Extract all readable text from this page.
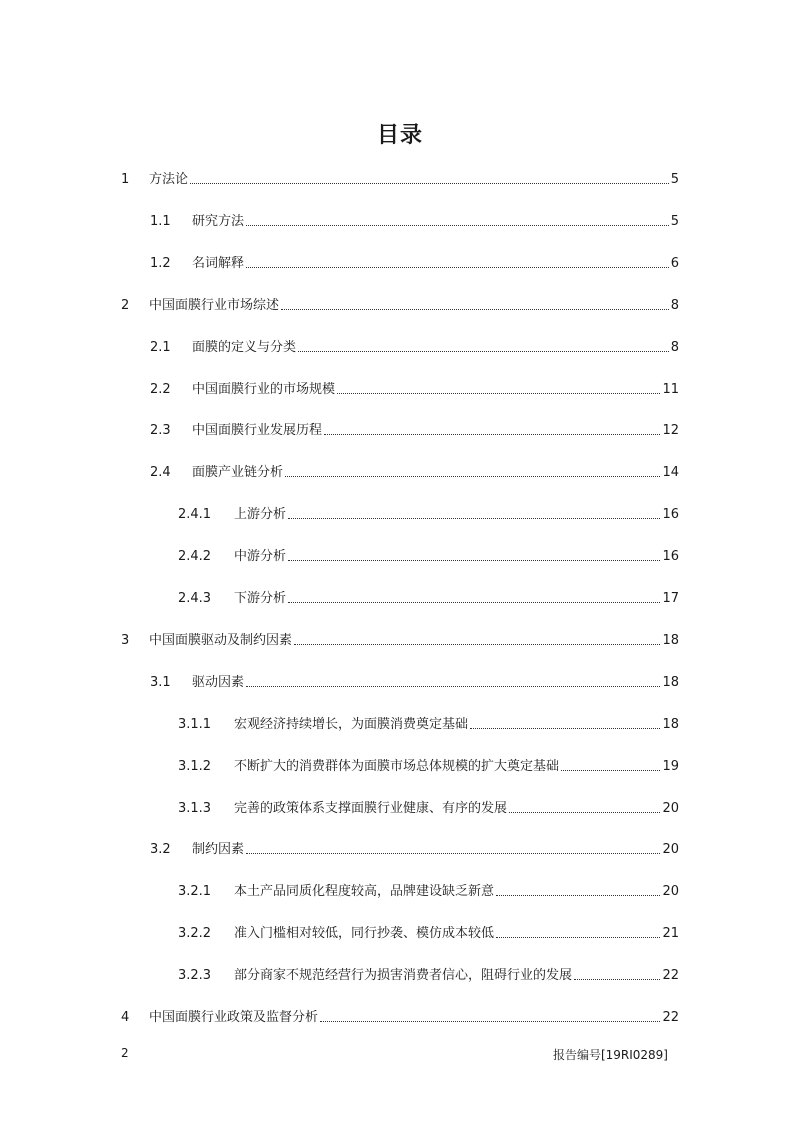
目录
1	方法论	5
1.1	研究方法	5
1.2	名词解释	6
2	中国面膜行业市场综述	8
2.1	面膜的定义与分类	8
2.2	中国面膜行业的市场规模	11
2.3	中国面膜行业发展历程	12
2.4	面膜产业链分析	14
2.4.1	上游分析	16
2.4.2	中游分析	16
2.4.3	下游分析	17
3	中国面膜驱动及制约因素	18
3.1	驱动因素	18
3.1.1	宏观经济持续增长，为面膜消费奠定基础	18
3.1.2	不断扩大的消费群体为面膜市场总体规模的扩大奠定基础	19
3.1.3	完善的政策体系支撑面膜行业健康、有序的发展	20
3.2	制约因素	20
3.2.1	本土产品同质化程度较高，品牌建设缺乏新意	20
3.2.2	准入门槛相对较低，同行抄袭、模仿成本较低	21
3.2.3	部分商家不规范经营行为损害消费者信心，阻碍行业的发展	22
4	中国面膜行业政策及监督分析	22
2	报告编号[19RI0289]
